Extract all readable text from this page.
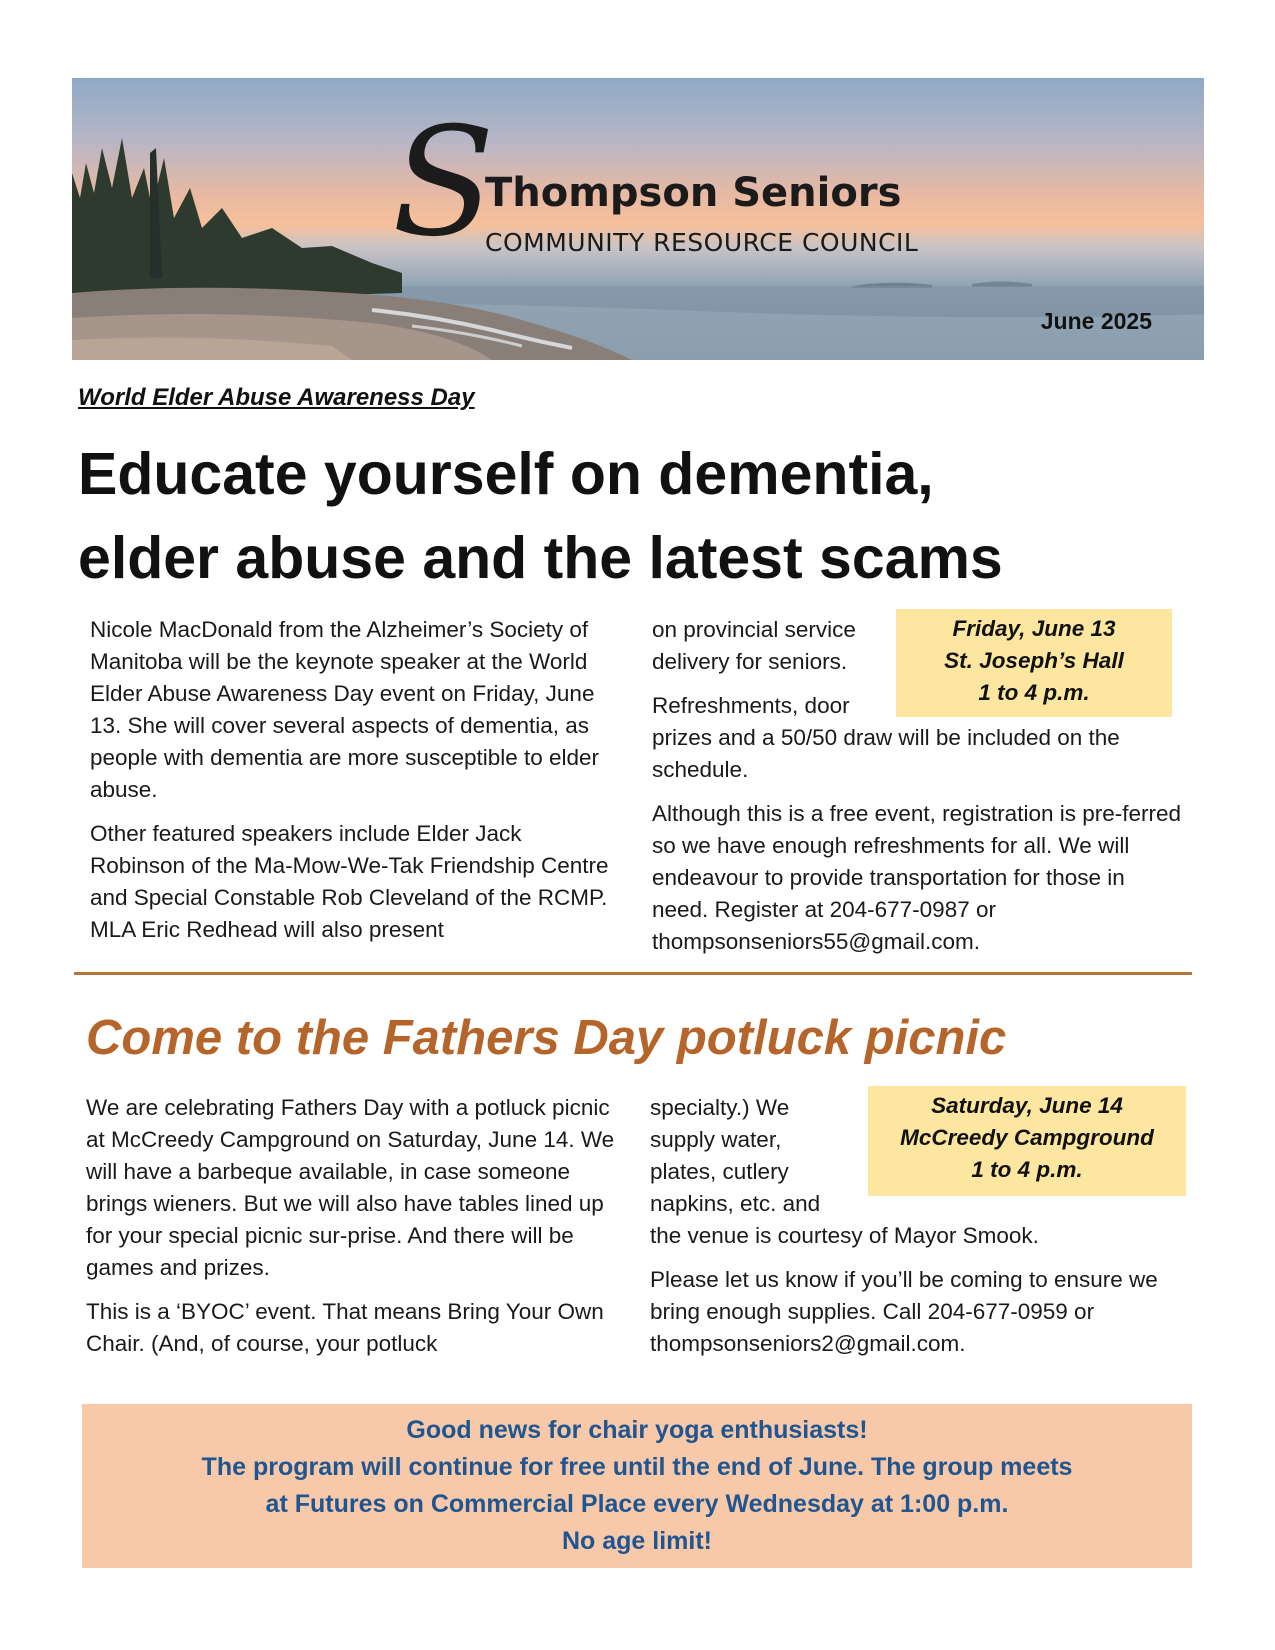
S
Thompson Seniors
COMMUNITY RESOURCE COUNCIL
June 2025
World Elder Abuse Awareness Day
Educate yourself on dementia,
elder abuse and the latest scams

Nicole MacDonald from the Alzheimer’s Society of Manitoba will be the keynote speaker at the World Elder Abuse Awareness Day event on Friday, June 13. She will cover several aspects of dementia, as people with dementia are more susceptible to elder abuse.

Other featured speakers include Elder Jack Robinson of the Ma-Mow-We-Tak Friendship Centre and Special Constable Rob Cleveland of the RCMP. MLA Eric Redhead will also present

on provincial service delivery for seniors.

Refreshments, door

prizes and a 50/50 draw will be included on the schedule.

Although this is a free event, registration is pre-ferred so we have enough refreshments for all. We will endeavour to provide transportation for those in need. Register at 204-677-0987 or thompsonseniors55@gmail.com.

Friday, June 13
St. Joseph’s Hall
1 to 4 p.m.
Come to the Fathers Day potluck picnic

We are celebrating Fathers Day with a potluck picnic at McCreedy Campground on Saturday, June 14. We will have a barbeque available, in case someone brings wieners. But we will also have tables lined up for your special picnic sur-prise. And there will be games and prizes.

This is a ‘BYOC’ event. That means Bring Your Own Chair. (And, of course, your potluck

specialty.) We supply water, plates, cutlery napkins, etc. and

the venue is courtesy of Mayor Smook.

Please let us know if you’ll be coming to ensure we bring enough supplies. Call 204-677-0959 or thompsonseniors2@gmail.com.

Saturday, June 14
McCreedy Campground
1 to 4 p.m.
Good news for chair yoga enthusiasts!
The program will continue for free until the end of June. The group meets
at Futures on Commercial Place every Wednesday at 1:00 p.m.
No age limit!
